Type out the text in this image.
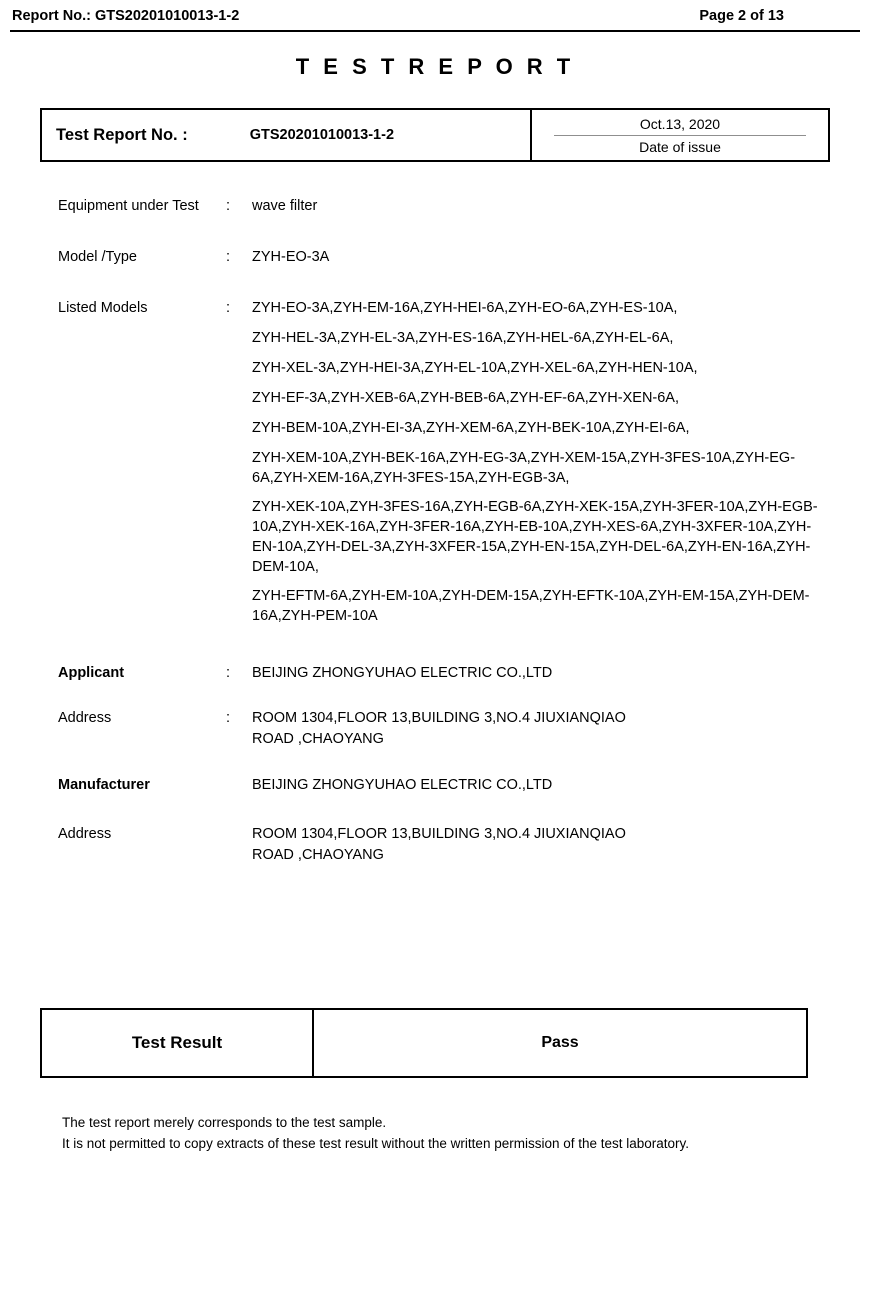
Report No.: GTS20201010013-1-2	Page 2 of 13
T E S T R E P O R T
Test Report No. :	GTS20201010013-1-2
Oct.13, 2020
Date of issue
Equipment under Test	:	wave filter
Model /Type	:	ZYH-EO-3A
Listed Models	:	ZYH-EO-3A,ZYH-EM-16A,ZYH-HEI-6A,ZYH-EO-6A,ZYH-ES-10A,

ZYH-HEL-3A,ZYH-EL-3A,ZYH-ES-16A,ZYH-HEL-6A,ZYH-EL-6A,

ZYH-XEL-3A,ZYH-HEI-3A,ZYH-EL-10A,ZYH-XEL-6A,ZYH-HEN-10A,

ZYH-EF-3A,ZYH-XEB-6A,ZYH-BEB-6A,ZYH-EF-6A,ZYH-XEN-6A,

ZYH-BEM-10A,ZYH-EI-3A,ZYH-XEM-6A,ZYH-BEK-10A,ZYH-EI-6A,

ZYH-XEM-10A,ZYH-BEK-16A,ZYH-EG-3A,ZYH-XEM-15A,ZYH-3FES-10A,ZYH-EG-6A,ZYH-XEM-16A,ZYH-3FES-15A,ZYH-EGB-3A,

ZYH-XEK-10A,ZYH-3FES-16A,ZYH-EGB-6A,ZYH-XEK-15A,ZYH-3FER-10A,ZYH-EGB-10A,ZYH-XEK-16A,ZYH-3FER-16A,ZYH-EB-10A,ZYH-XES-6A,ZYH-3XFER-10A,ZYH-EN-10A,ZYH-DEL-3A,ZYH-3XFER-15A,ZYH-EN-15A,ZYH-DEL-6A,ZYH-EN-16A,ZYH-DEM-10A,

ZYH-EFTM-6A,ZYH-EM-10A,ZYH-DEM-15A,ZYH-EFTK-10A,ZYH-EM-15A,ZYH-DEM-16A,ZYH-PEM-10A

Applicant	:	BEIJING ZHONGYUHAO ELECTRIC CO.,LTD
Address	:	ROOM 1304,FLOOR 13,BUILDING 3,NO.4 JIUXIANQIAO
ROAD ,CHAOYANG
Manufacturer	BEIJING ZHONGYUHAO ELECTRIC CO.,LTD
Address	ROOM 1304,FLOOR 13,BUILDING 3,NO.4 JIUXIANQIAO
ROAD ,CHAOYANG
Test Result	Pass

The test report merely corresponds to the test sample.

It is not permitted to copy extracts of these test result without the written permission of the test laboratory.
